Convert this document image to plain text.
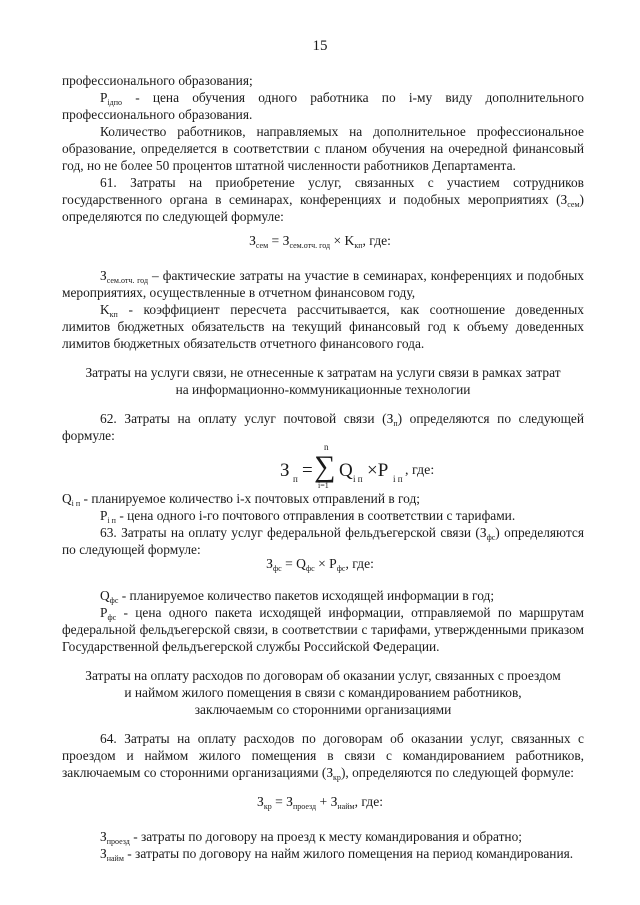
15
профессионального образования;
$P_{iдпо}$ - цена обучения одного работника по i-му виду дополнительного
профессионального образования.
Количество работников, направляемых на дополнительное профессиональное
образование, определяется в соответствии с планом обучения на очередной финансовый
год, но не более 50 процентов штатной численности работников Департамента.
61. Затраты на приобретение услуг, связанных с участием сотрудников
государственного органа в семинарах, конференциях и подобных мероприятиях $(З_{сем})$
определяются по следующей формуле:
$З_{сем} = З_{сем.отч. год} \times K_{кп}$, где:
$З_{сем.отч. год}$ – фактические затраты на участие в семинарах, конференциях и подобных
мероприятиях, осуществленные в отчетном финансовом году,
$K_{кп}$ - коэффициент пересчета рассчитывается, как соотношение доведенных
лимитов бюджетных обязательств на текущий финансовый год к объему доведенных
лимитов бюджетных обязательств отчетного финансового года.
Затраты на услуги связи, не отнесенные к затратам на услуги связи в рамках затрат
на информационно-коммуникационные технологии
62. Затраты на оплату услуг почтовой связи $(З_п)$ определяются по следующей
формуле:
З п =
n
∑
i=1
Q i п ×P i п
, где:
$Q_{i п}$ - планируемое количество i-х почтовых отправлений в год;
$P_{i п}$ - цена одного i-го почтового отправления в соответствии с тарифами.
63. Затраты на оплату услуг федеральной фельдъегерской связи $(З_{фс})$ определяются
по следующей формуле:
$З_{фс} = Q_{фс} \times P_{фс}$, где:
$Q_{фс}$ - планируемое количество пакетов исходящей информации в год;
$P_{фс}$ - цена одного пакета исходящей информации, отправляемой по маршрутам
федеральной фельдъегерской связи, в соответствии с тарифами, утвержденными приказом
Государственной фельдъегерской службы Российской Федерации.
Затраты на оплату расходов по договорам об оказании услуг, связанных с проездом
и наймом жилого помещения в связи с командированием работников,
заключаемым со сторонними организациями
64. Затраты на оплату расходов по договорам об оказании услуг, связанных с
проездом и наймом жилого помещения в связи с командированием работников,
заключаемым со сторонними организациями $(З_{кр})$, определяются по следующей формуле:
$З_{кр} = З_{проезд} + З_{найм}$, где:
$З_{проезд}$ - затраты по договору на проезд к месту командирования и обратно;
$З_{найм}$ - затраты по договору на найм жилого помещения на период командирования.
